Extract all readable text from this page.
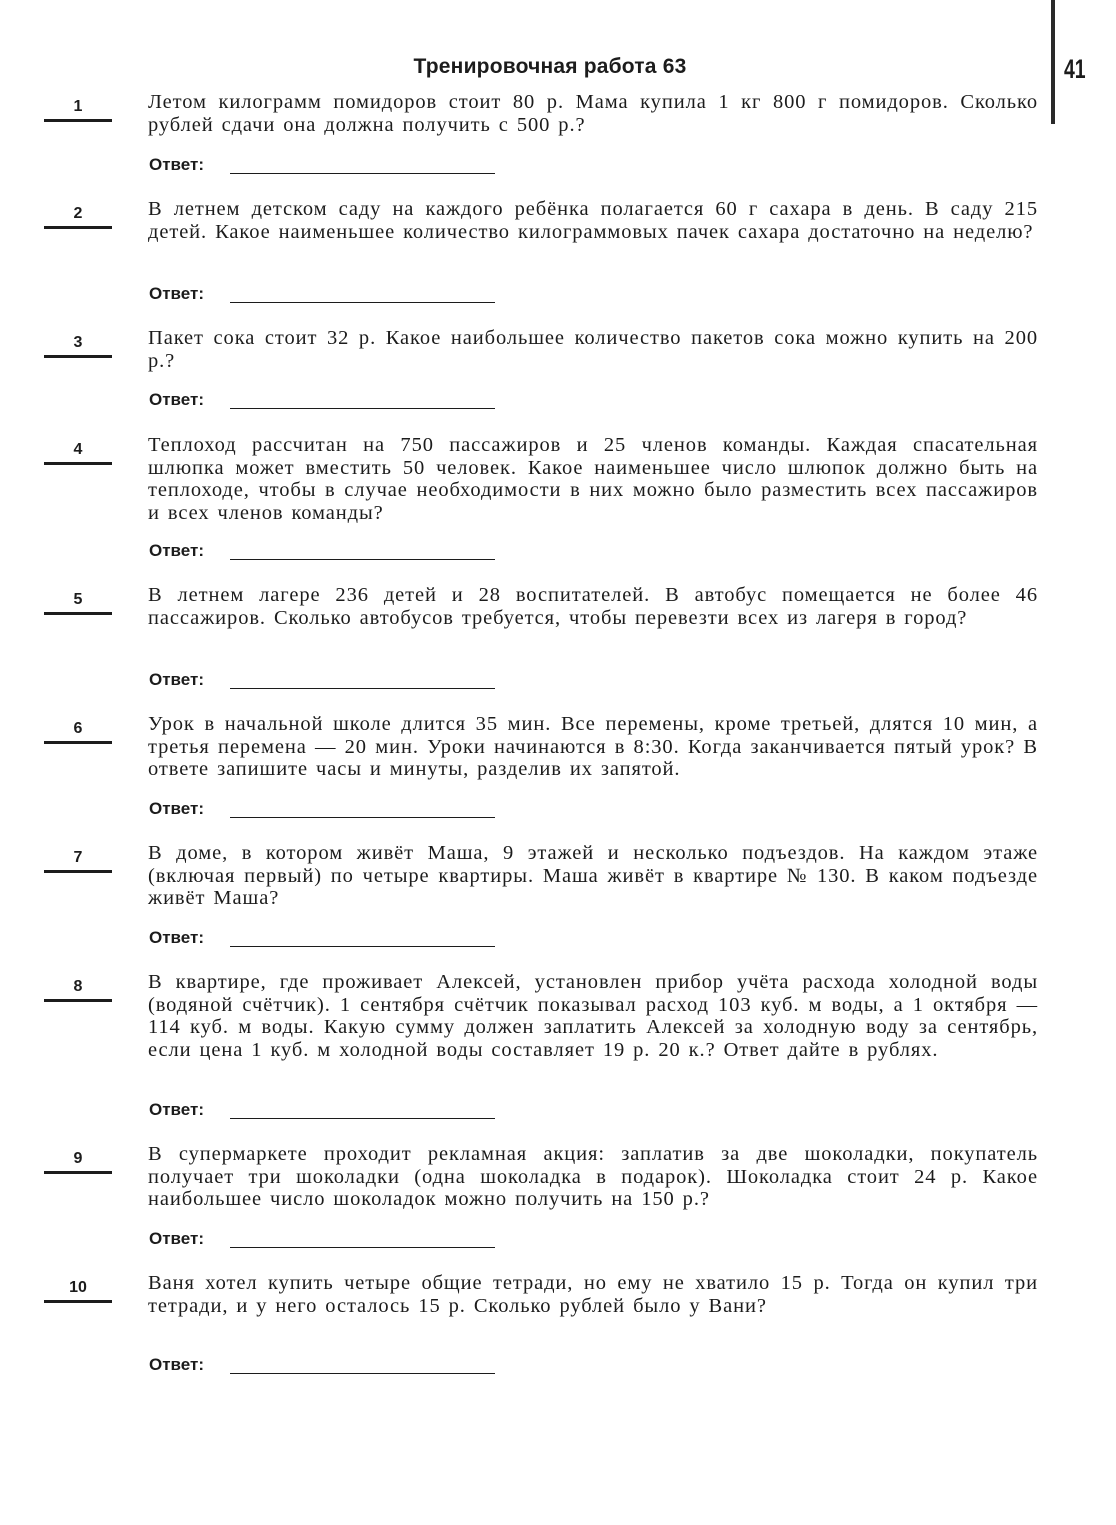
Тренировочная работа 63	41
1	Летом килограмм помидоров стоит 80 р. Мама купила 1 кг 800 г помидоров. Сколько рублей сдачи она должна получить с 500 р.?

Ответ:
2	В летнем детском саду на каждого ребёнка полагается 60 г сахара в день. В саду 215 детей. Какое наименьшее количество килограммовых пачек сахара достаточно на неделю?

Ответ:
3	Пакет сока стоит 32 р. Какое наибольшее количество пакетов сока можно купить на 200 р.?

Ответ:
4	Теплоход рассчитан на 750 пассажиров и 25 членов команды. Каждая спасательная шлюпка может вместить 50 человек. Какое наименьшее число шлюпок должно быть на теплоходе, чтобы в случае необходимости в них можно было разместить всех пассажиров и всех членов команды?

Ответ:
5	В летнем лагере 236 детей и 28 воспитателей. В автобус помещается не более 46 пассажиров. Сколько автобусов требуется, чтобы перевезти всех из лагеря в город?

Ответ:
6	Урок в начальной школе длится 35 мин. Все перемены, кроме третьей, длятся 10 мин, а третья перемена — 20 мин. Уроки начинаются в 8:30. Когда заканчивается пятый урок? В ответе запишите часы и минуты, разделив их запятой.

Ответ:
7	В доме, в котором живёт Маша, 9 этажей и несколько подъездов. На каждом этаже (включая первый) по четыре квартиры. Маша живёт в квартире № 130. В каком подъезде живёт Маша?

Ответ:
8	В квартире, где проживает Алексей, установлен прибор учёта расхода холодной воды (водяной счётчик). 1 сентября счётчик показывал расход 103 куб. м воды, а 1 октября — 114 куб. м воды. Какую сумму должен заплатить Алексей за холодную воду за сентябрь, если цена 1 куб. м холодной воды составляет 19 р. 20 к.? Ответ дайте в рублях.

Ответ:
9	В супермаркете проходит рекламная акция: заплатив за две шоколадки, покупатель получает три шоколадки (одна шоколадка в подарок). Шоколадка стоит 24 р. Какое наибольшее число шоколадок можно получить на 150 р.?

Ответ:
10	Ваня хотел купить четыре общие тетради, но ему не хватило 15 р. Тогда он купил три тетради, и у него осталось 15 р. Сколько рублей было у Вани?

Ответ:
